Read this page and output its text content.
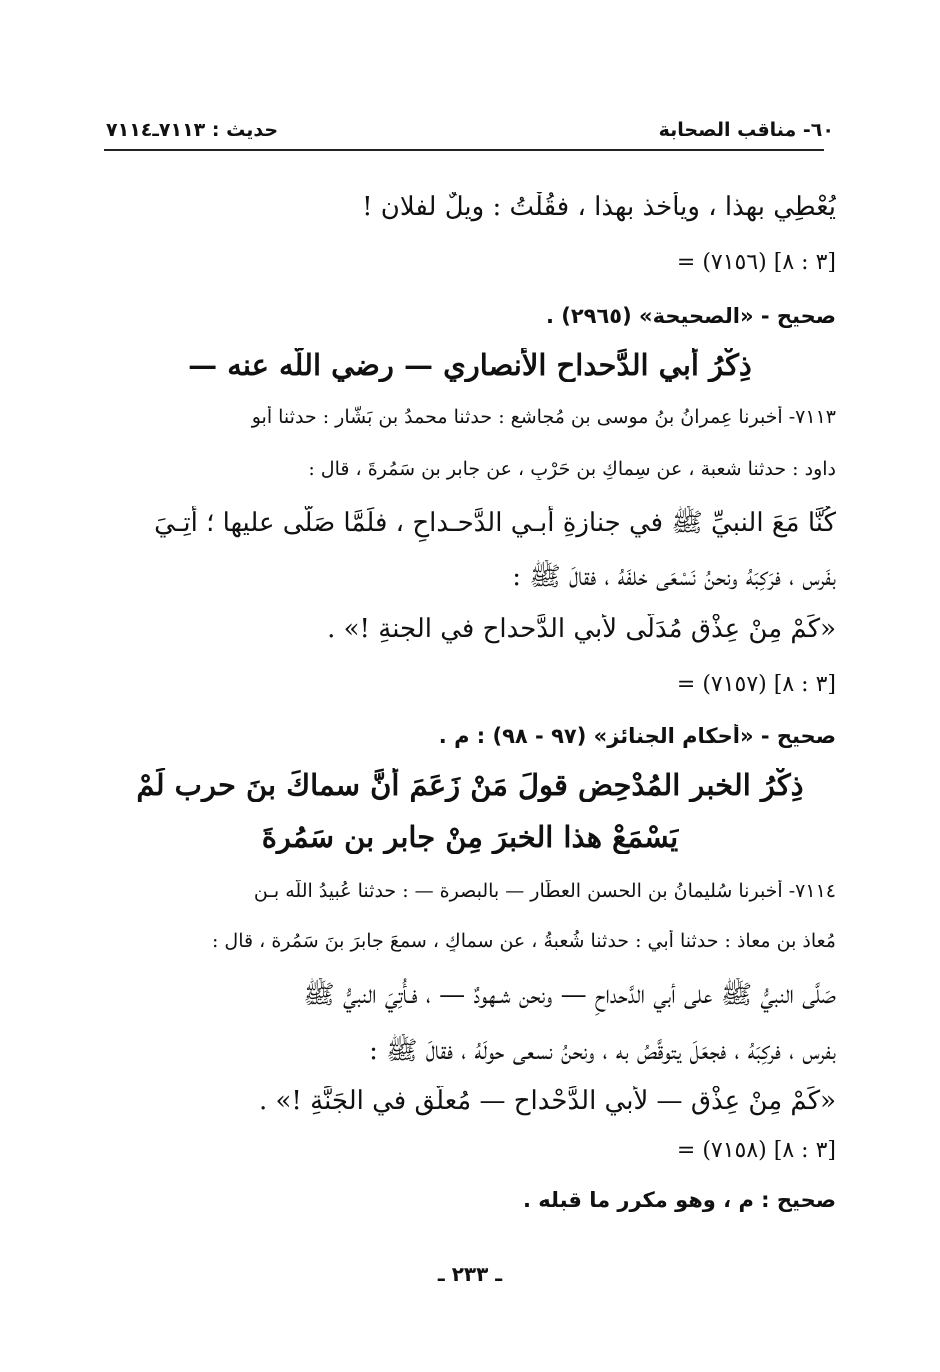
٦٠- مناقب الصحابة
حديث : ٧١١٣ـ٧١١٤
يُعْطِي بهذا ، ويأخذ بهذا ، فقُلْتُ : ويلٌ لفلان !
= (٧١٥٦) [٣ : ٨]
صحيح - «الصحيحة» (٢٩٦٥) .
ذِكْرُ أبي الدَّحداحِ الأنصاري — رضي اللَّه عنه —
٧١١٣- أخبرنا عِمرانُ بنُ موسى بن مُجاشع : حدثنا محمدُ بن بَشَّار : حدثنا أبو
داود : حدثنا شعبة ، عن سِماكِ بن حَرْبٍ ، عن جابر بن سَمُرةَ ، قال :
كُنَّا مَعَ النبيِّ ﷺ في جنازةِ أبـي الدَّحـداحِ ، فلَمَّا صَلَّى عليها ؛ أُتِـيَ
بفَرس ، فرَكِبَهُ ونحنُ نَسْعَى خلفَهُ ، فقالَ ﷺ :
«كَمْ مِنْ عِذْقٍ مُدَلَّى لأبي الدَّحداحِ في الجنةِ !» .
= (٧١٥٧) [٣ : ٨]
صحيح - «أحكام الجنائز» (٩٧ - ٩٨) : م .
ذِكْرُ الخبرِ المُدْحِضِ قولَ مَنْ زَعَمَ أنَّ سماكَ بنَ حرب لَمْ
يَسْمَعْ هذا الخبرَ مِنْ جابر بن سَمُرةَ
٧١١٤- أخبرنا سُليمانُ بن الحسن العطَّار — بالبصرة — : حدثنا عُبيدُ اللَّه بـن
مُعاذ بن معاذ : حدثنا أبي : حدثنا شُعبةُ ، عن سماكٍ ، سمعَ جابرَ بنَ سَمُرة ، قال :
صَلَّى النبيُّ ﷺ على أبي الدَّحداحِ — ونحن شـهودٌ — ، فـأُتِيَ النبيُّ ﷺ
بفرس ، فركِبَهُ ، فجعَلَ يتوقَّصُ به ، ونحنُ نسعى حولَهُ ، فقالَ ﷺ :
«كَمْ مِنْ عِذْقٍ — لأبي الدَّحْداحِ — مُعلَّقٍ في الجَنَّةِ !» .
= (٧١٥٨) [٣ : ٨]
صحيح : م ، وهو مكرر ما قبله .
ـ ٢٣٣ ـ
